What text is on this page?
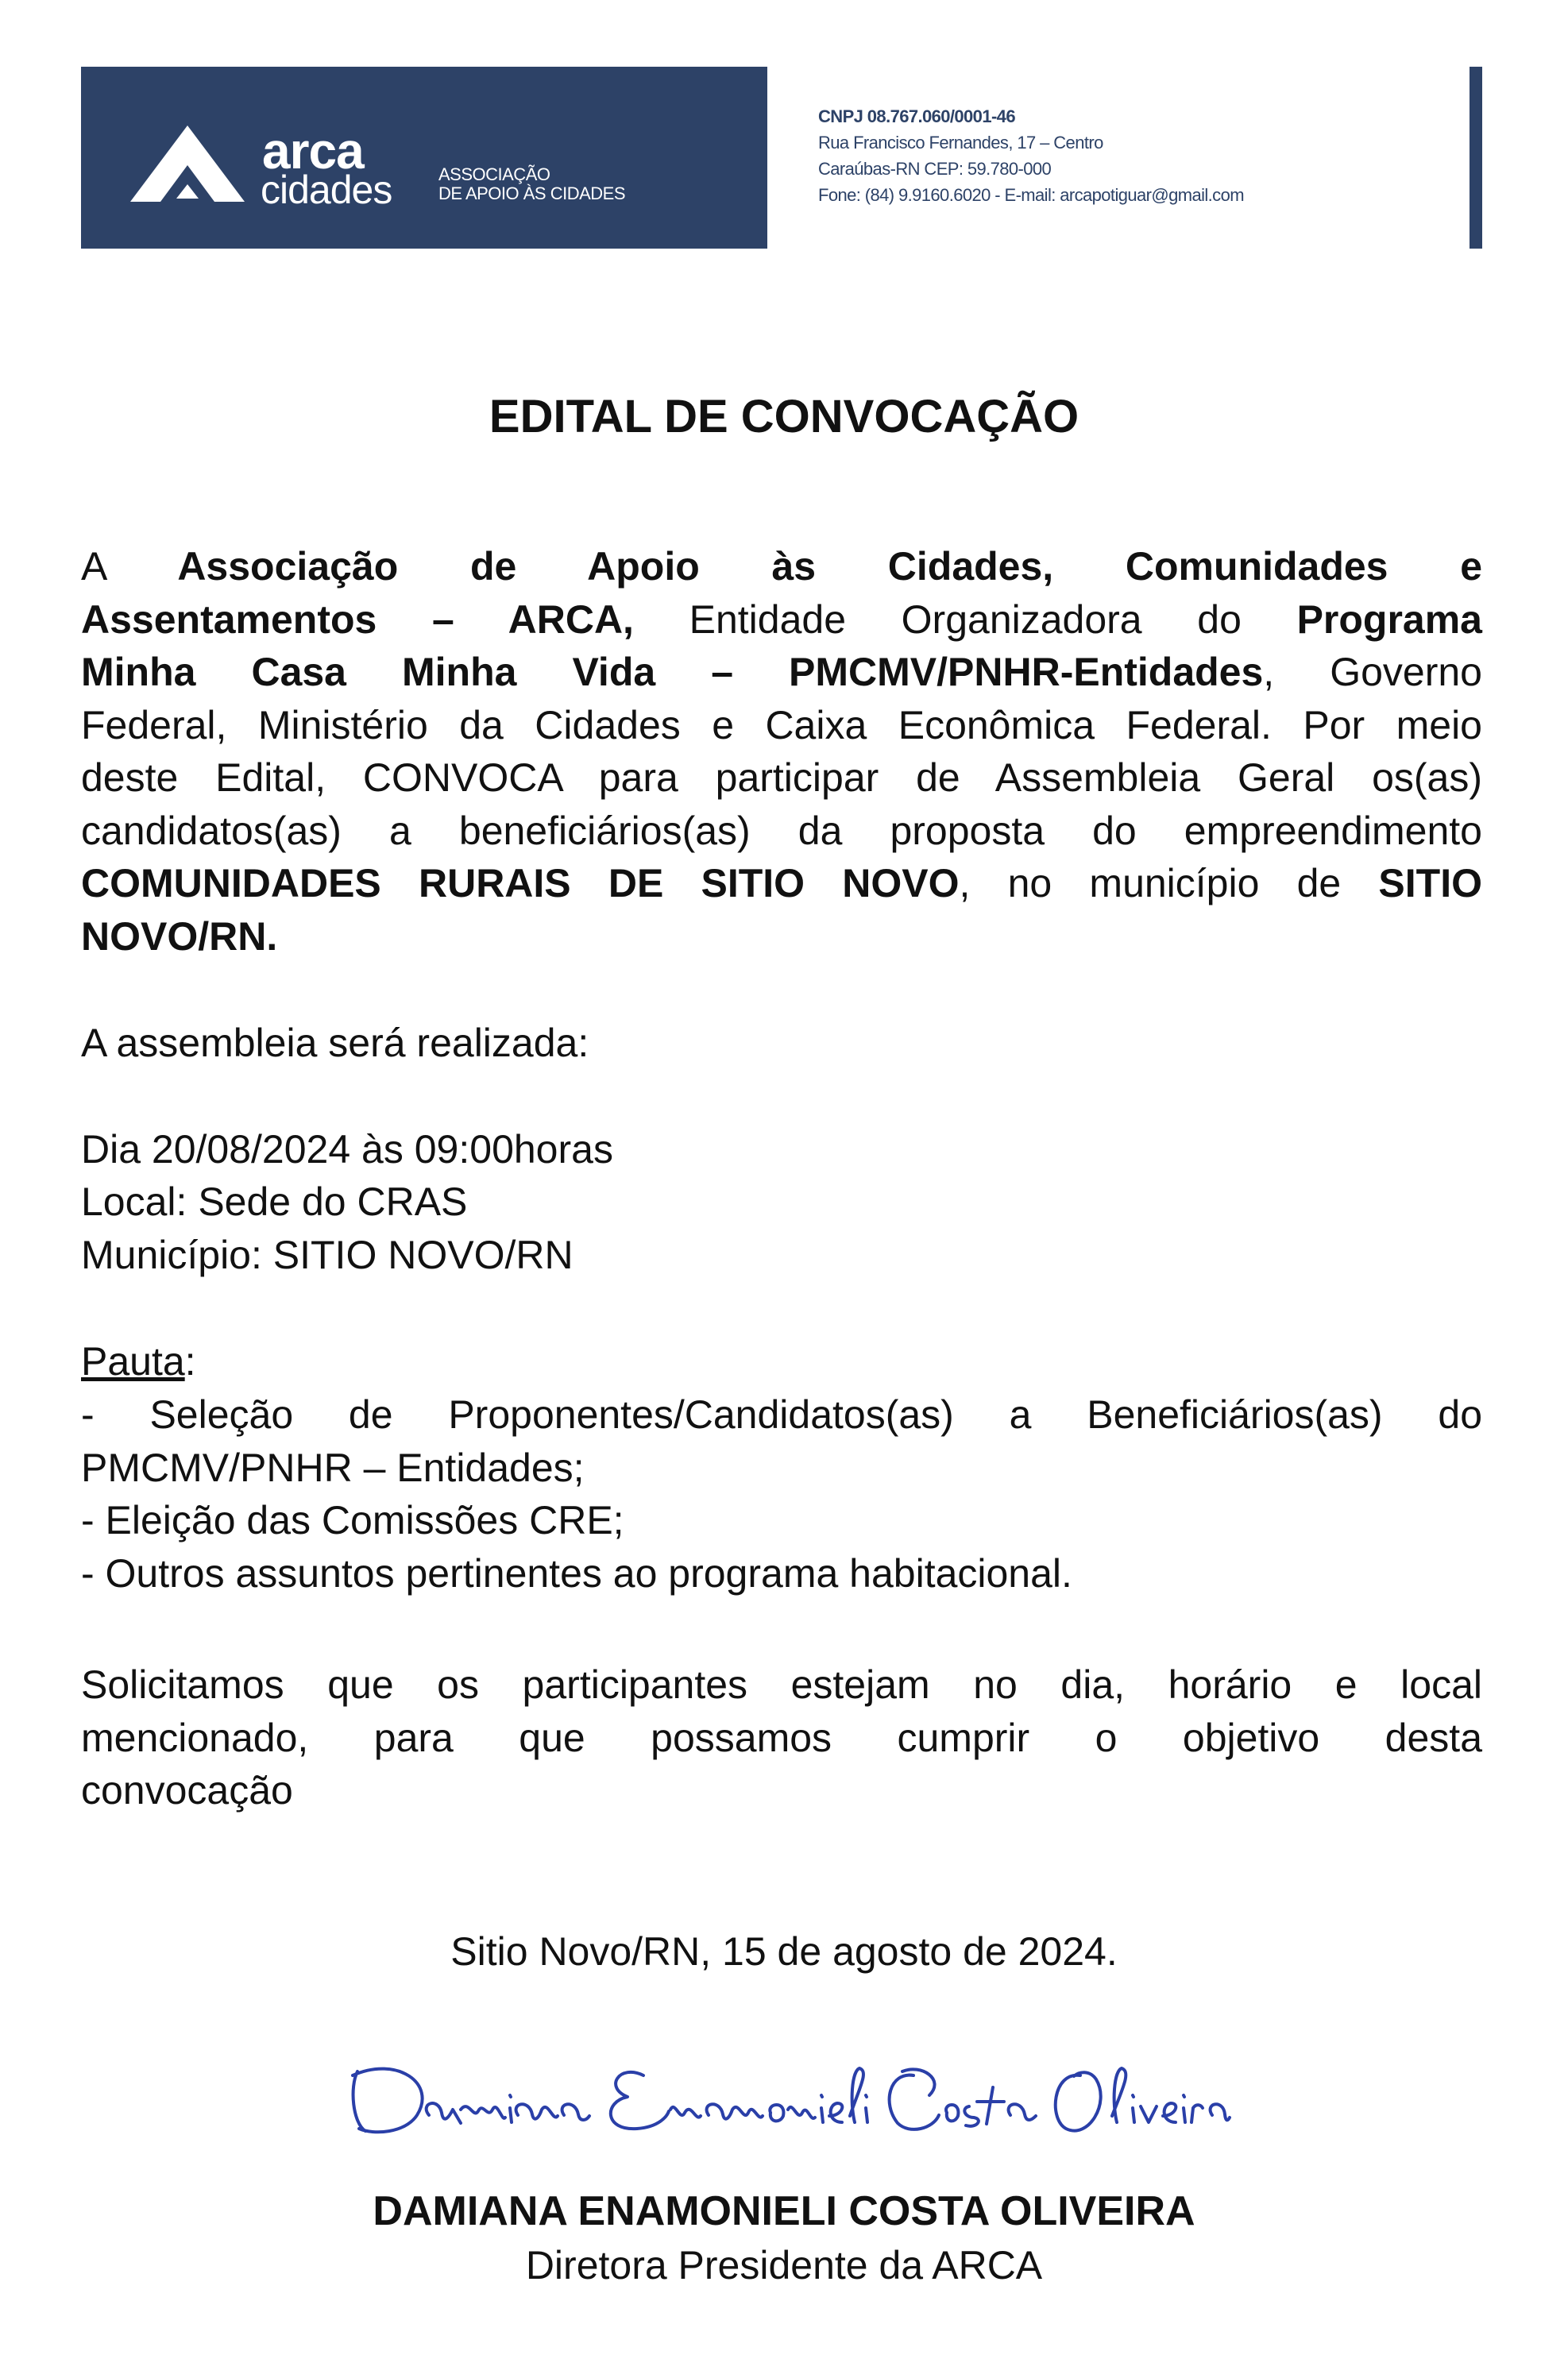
arca
cidades	ASSOCIAÇÃO
DE APOIO ÀS CIDADES
CNPJ 08.767.060/0001-46
Rua Francisco Fernandes, 17 – Centro
Caraúbas-RN CEP: 59.780-000
Fone: (84) 9.9160.6020 - E-mail: arcapotiguar@gmail.com
EDITAL DE CONVOCAÇÃO
A Associação de Apoio às Cidades, Comunidades e
Assentamentos – ARCA, Entidade Organizadora do Programa
Minha Casa Minha Vida – PMCMV/PNHR-Entidades, Governo
Federal, Ministério da Cidades e Caixa Econômica Federal. Por meio
deste Edital, CONVOCA para participar de Assembleia Geral os(as)
candidatos(as) a beneficiários(as) da proposta do empreendimento
COMUNIDADES RURAIS DE SITIO NOVO, no município de SITIO
NOVO/RN.
A assembleia será realizada:
Dia 20/08/2024 às 09:00horas
Local: Sede do CRAS
Município: SITIO NOVO/RN
Pauta:
- Seleção de Proponentes/Candidatos(as) a Beneficiários(as) do
PMCMV/PNHR – Entidades;
- Eleição das Comissões CRE;
- Outros assuntos pertinentes ao programa habitacional.
Solicitamos que os participantes estejam no dia, horário e local
mencionado, para que possamos cumprir o objetivo desta
convocação
Sitio Novo/RN, 15 de agosto de 2024.
DAMIANA ENAMONIELI COSTA OLIVEIRA
Diretora Presidente da ARCA
